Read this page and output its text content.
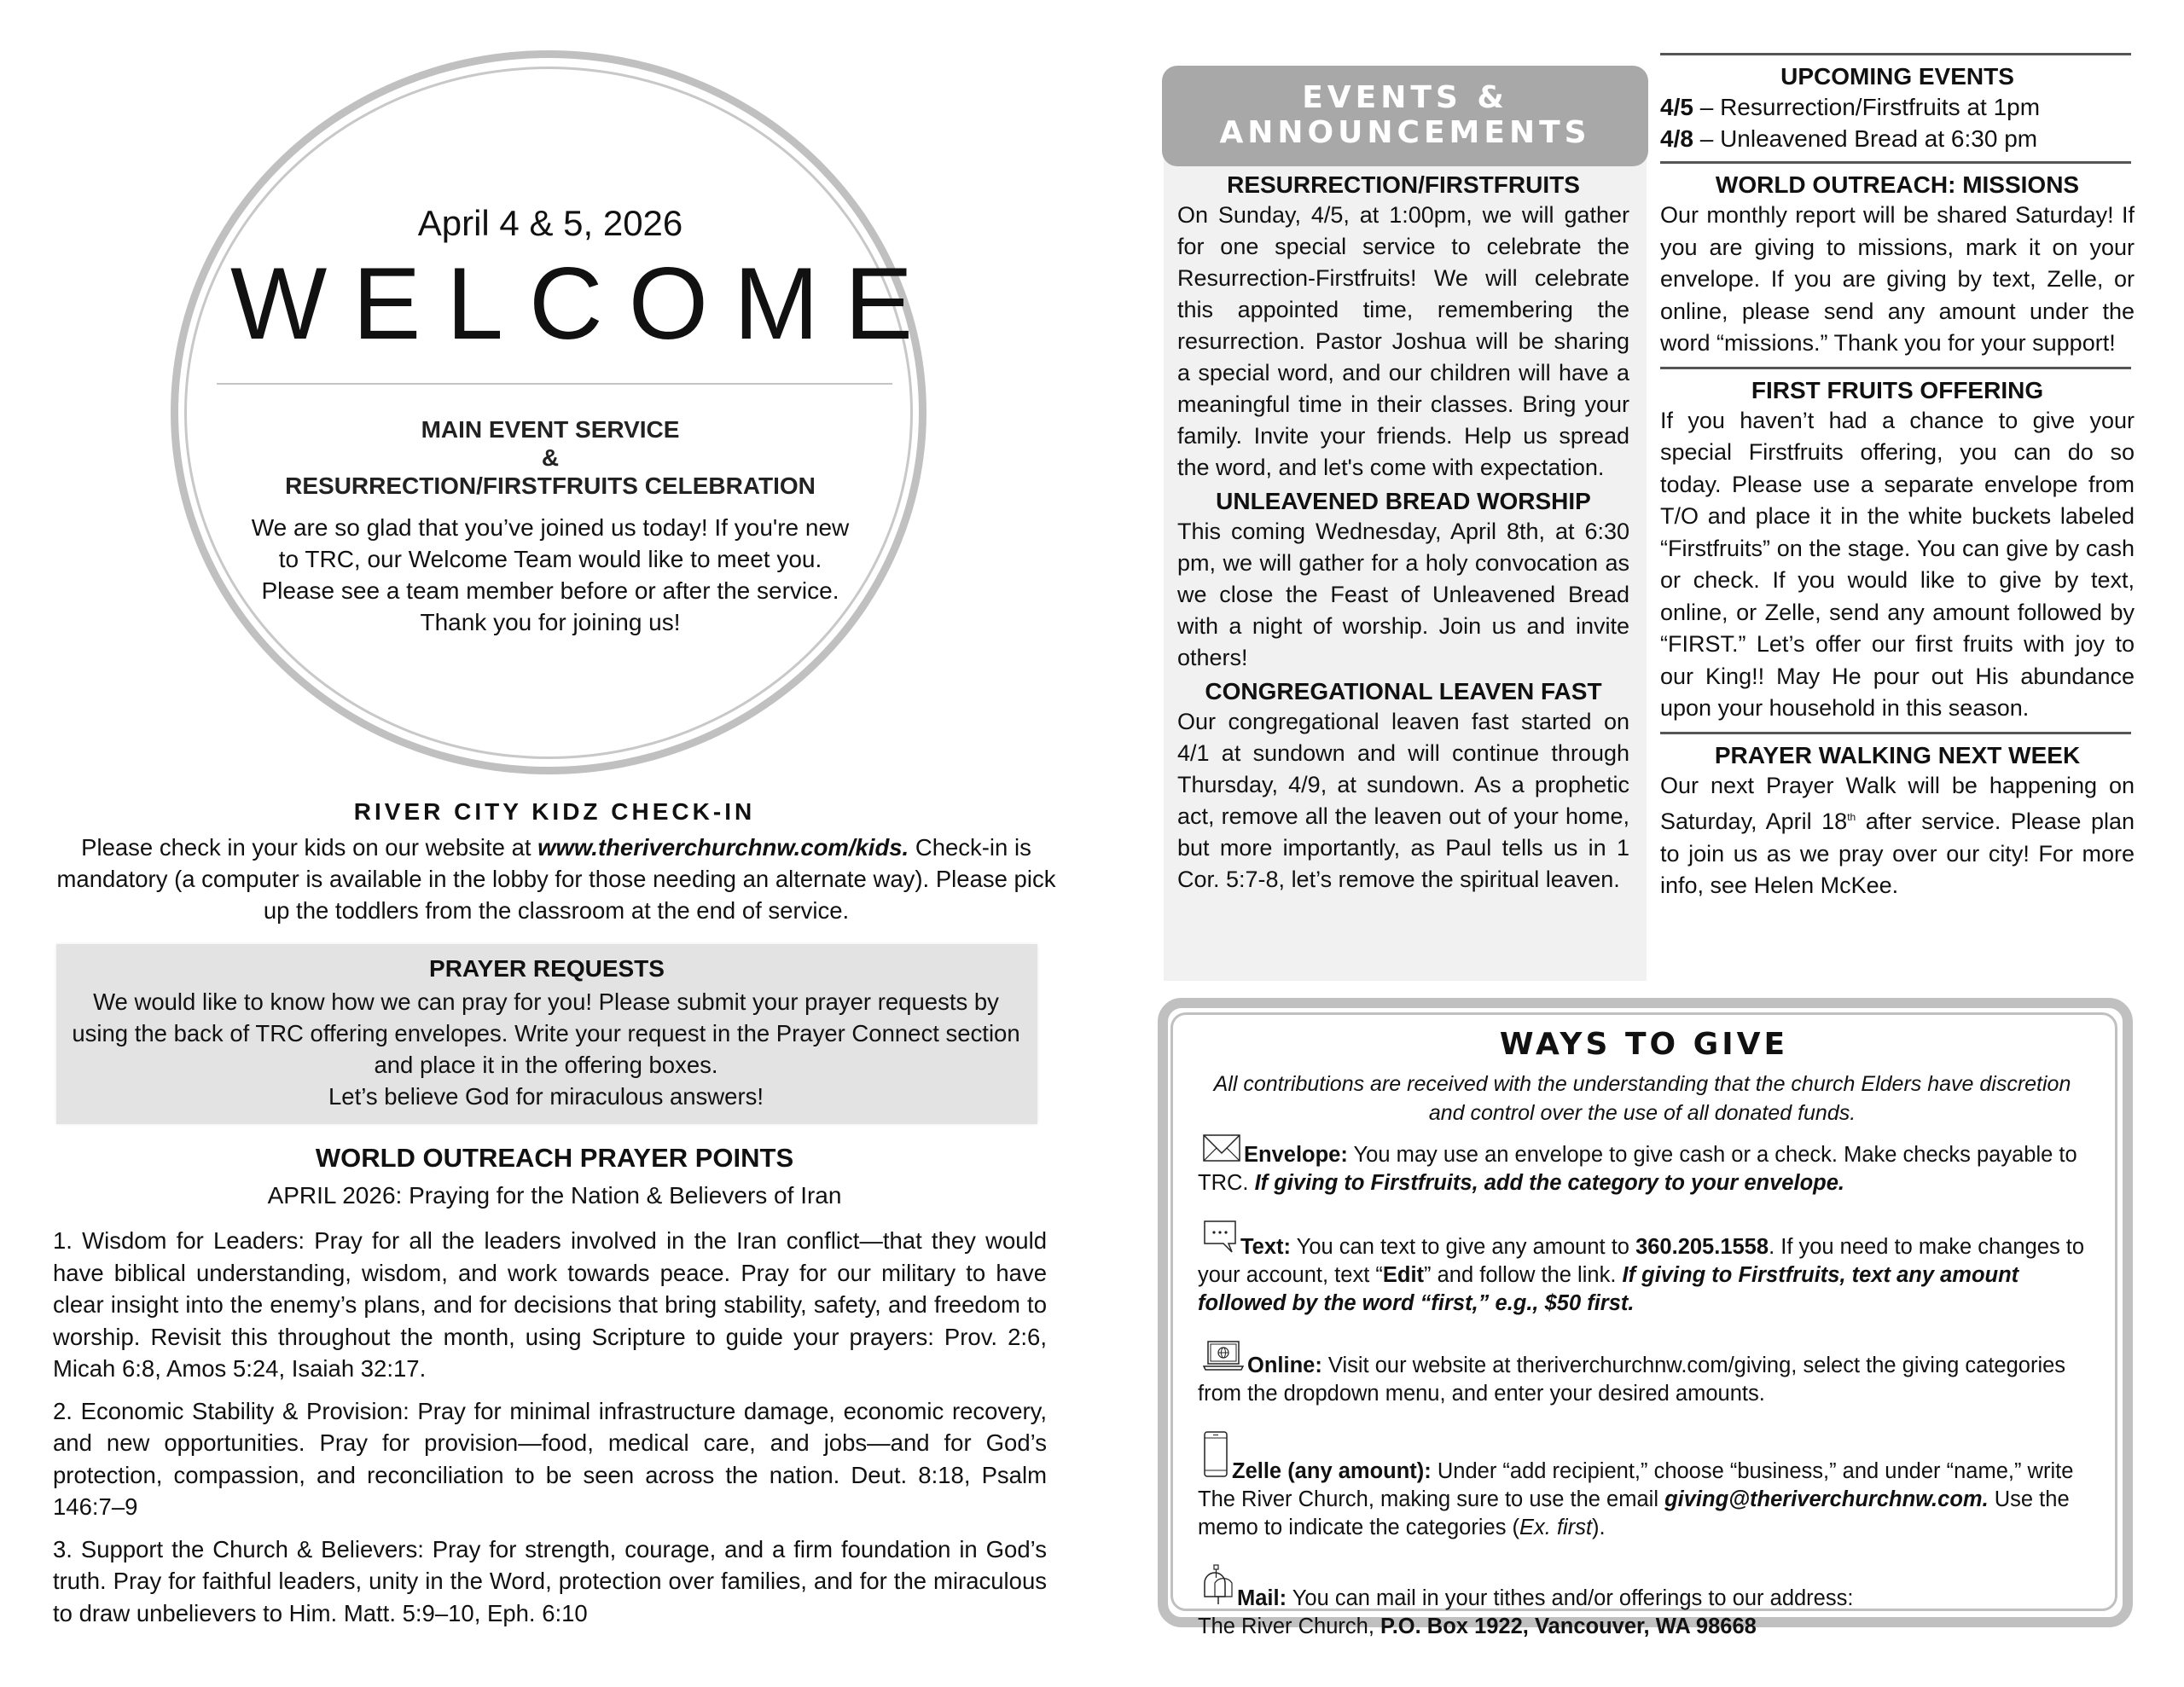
April 4 & 5, 2026
WELCOME
MAIN EVENT SERVICE
&
RESURRECTION/FIRSTFRUITS CELEBRATION
We are so glad that you’ve joined us today! If you're new to TRC, our Welcome Team would like to meet you. Please see a team member before or after the service. Thank you for joining us!
RIVER CITY KIDZ CHECK-IN
Please check in your kids on our website at www.theriverchurchnw.com/kids. Check-in is mandatory (a computer is available in the lobby for those needing an alternate way). Please pick up the toddlers from the classroom at the end of service.
PRAYER REQUESTS
We would like to know how we can pray for you! Please submit your prayer requests by using the back of TRC offering envelopes. Write your request in the Prayer Connect section and place it in the offering boxes.
Let’s believe God for miraculous answers!
WORLD OUTREACH PRAYER POINTS
APRIL 2026: Praying for the Nation & Believers of Iran

1. Wisdom for Leaders: Pray for all the leaders involved in the Iran conflict—that they would have biblical understanding, wisdom, and work towards peace. Pray for our military to have clear insight into the enemy’s plans, and for decisions that bring stability, safety, and freedom to worship. Revisit this throughout the month, using Scripture to guide your prayers: Prov. 2:6, Micah 6:8, Amos 5:24, Isaiah 32:17.

2. Economic Stability & Provision: Pray for minimal infrastructure damage, economic recovery, and new opportunities. Pray for provision—food, medical care, and jobs—and for God’s protection, compassion, and reconciliation to be seen across the nation. Deut. 8:18, Psalm 146:7–9

3. Support the Church & Believers: Pray for strength, courage, and a firm foundation in God’s truth. Pray for faithful leaders, unity in the Word, protection over families, and for the miraculous to draw unbelievers to Him. Matt. 5:9–10, Eph. 6:10

EVENTS &
ANNOUNCEMENTS
RESURRECTION/FIRSTFRUITS

On Sunday, 4/5, at 1:00pm, we will gather for one special service to celebrate the Resurrection-Firstfruits! We will celebrate this appointed time, remembering the resurrection. Pastor Joshua will be sharing a special word, and our children will have a meaningful time in their classes. Bring your family. Invite your friends. Help us spread the word, and let's come with expectation.

UNLEAVENED BREAD WORSHIP

This coming Wednesday, April 8th, at 6:30 pm, we will gather for a holy convocation as we close the Feast of Unleavened Bread with a night of worship. Join us and invite others!

CONGREGATIONAL LEAVEN FAST

Our congregational leaven fast started on 4/1 at sundown and will continue through Thursday, 4/9, at sundown. As a prophetic act, remove all the leaven out of your home, but more importantly, as Paul tells us in 1 Cor. 5:7-8, let’s remove the spiritual leaven.

UPCOMING EVENTS
4/5 – Resurrection/Firstfruits at 1pm
4/8 – Unleavened Bread at 6:30 pm
WORLD OUTREACH: MISSIONS

Our monthly report will be shared Saturday! If you are giving to missions, mark it on your envelope. If you are giving by text, Zelle, or online, please send any amount under the word “missions.” Thank you for your support!

FIRST FRUITS OFFERING

If you haven’t had a chance to give your special Firstfruits offering, you can do so today. Please use a separate envelope from T/O and place it in the white buckets labeled “Firstfruits” on the stage. You can give by cash or check. If you would like to give by text, online, or Zelle, send any amount followed by “FIRST.” Let’s offer our first fruits with joy to our King!! May He pour out His abundance upon your household in this season.

PRAYER WALKING NEXT WEEK

Our next Prayer Walk will be happening on Saturday, April 18th after service. Please plan to join us as we pray over our city! For more info, see Helen McKee.

WAYS TO GIVE
All contributions are received with the understanding that the church Elders have discretion and control over the use of all donated funds.
Envelope: You may use an envelope to give cash or a check. Make checks payable to TRC. If giving to Firstfruits, add the category to your envelope.
Text: You can text to give any amount to 360.205.1558. If you need to make changes to your account, text “Edit” and follow the link. If giving to Firstfruits, text any amount followed by the word “first,” e.g., $50 first.
Online: Visit our website at theriverchurchnw.com/giving, select the giving categories from the dropdown menu, and enter your desired amounts.
Zelle (any amount): Under “add recipient,” choose “business,” and under “name,” write The River Church, making sure to use the email giving@theriverchurchnw.com. Use the memo to indicate the categories (Ex. first).
Mail: You can mail in your tithes and/or offerings to our address:
The River Church, P.O. Box 1922, Vancouver, WA 98668
